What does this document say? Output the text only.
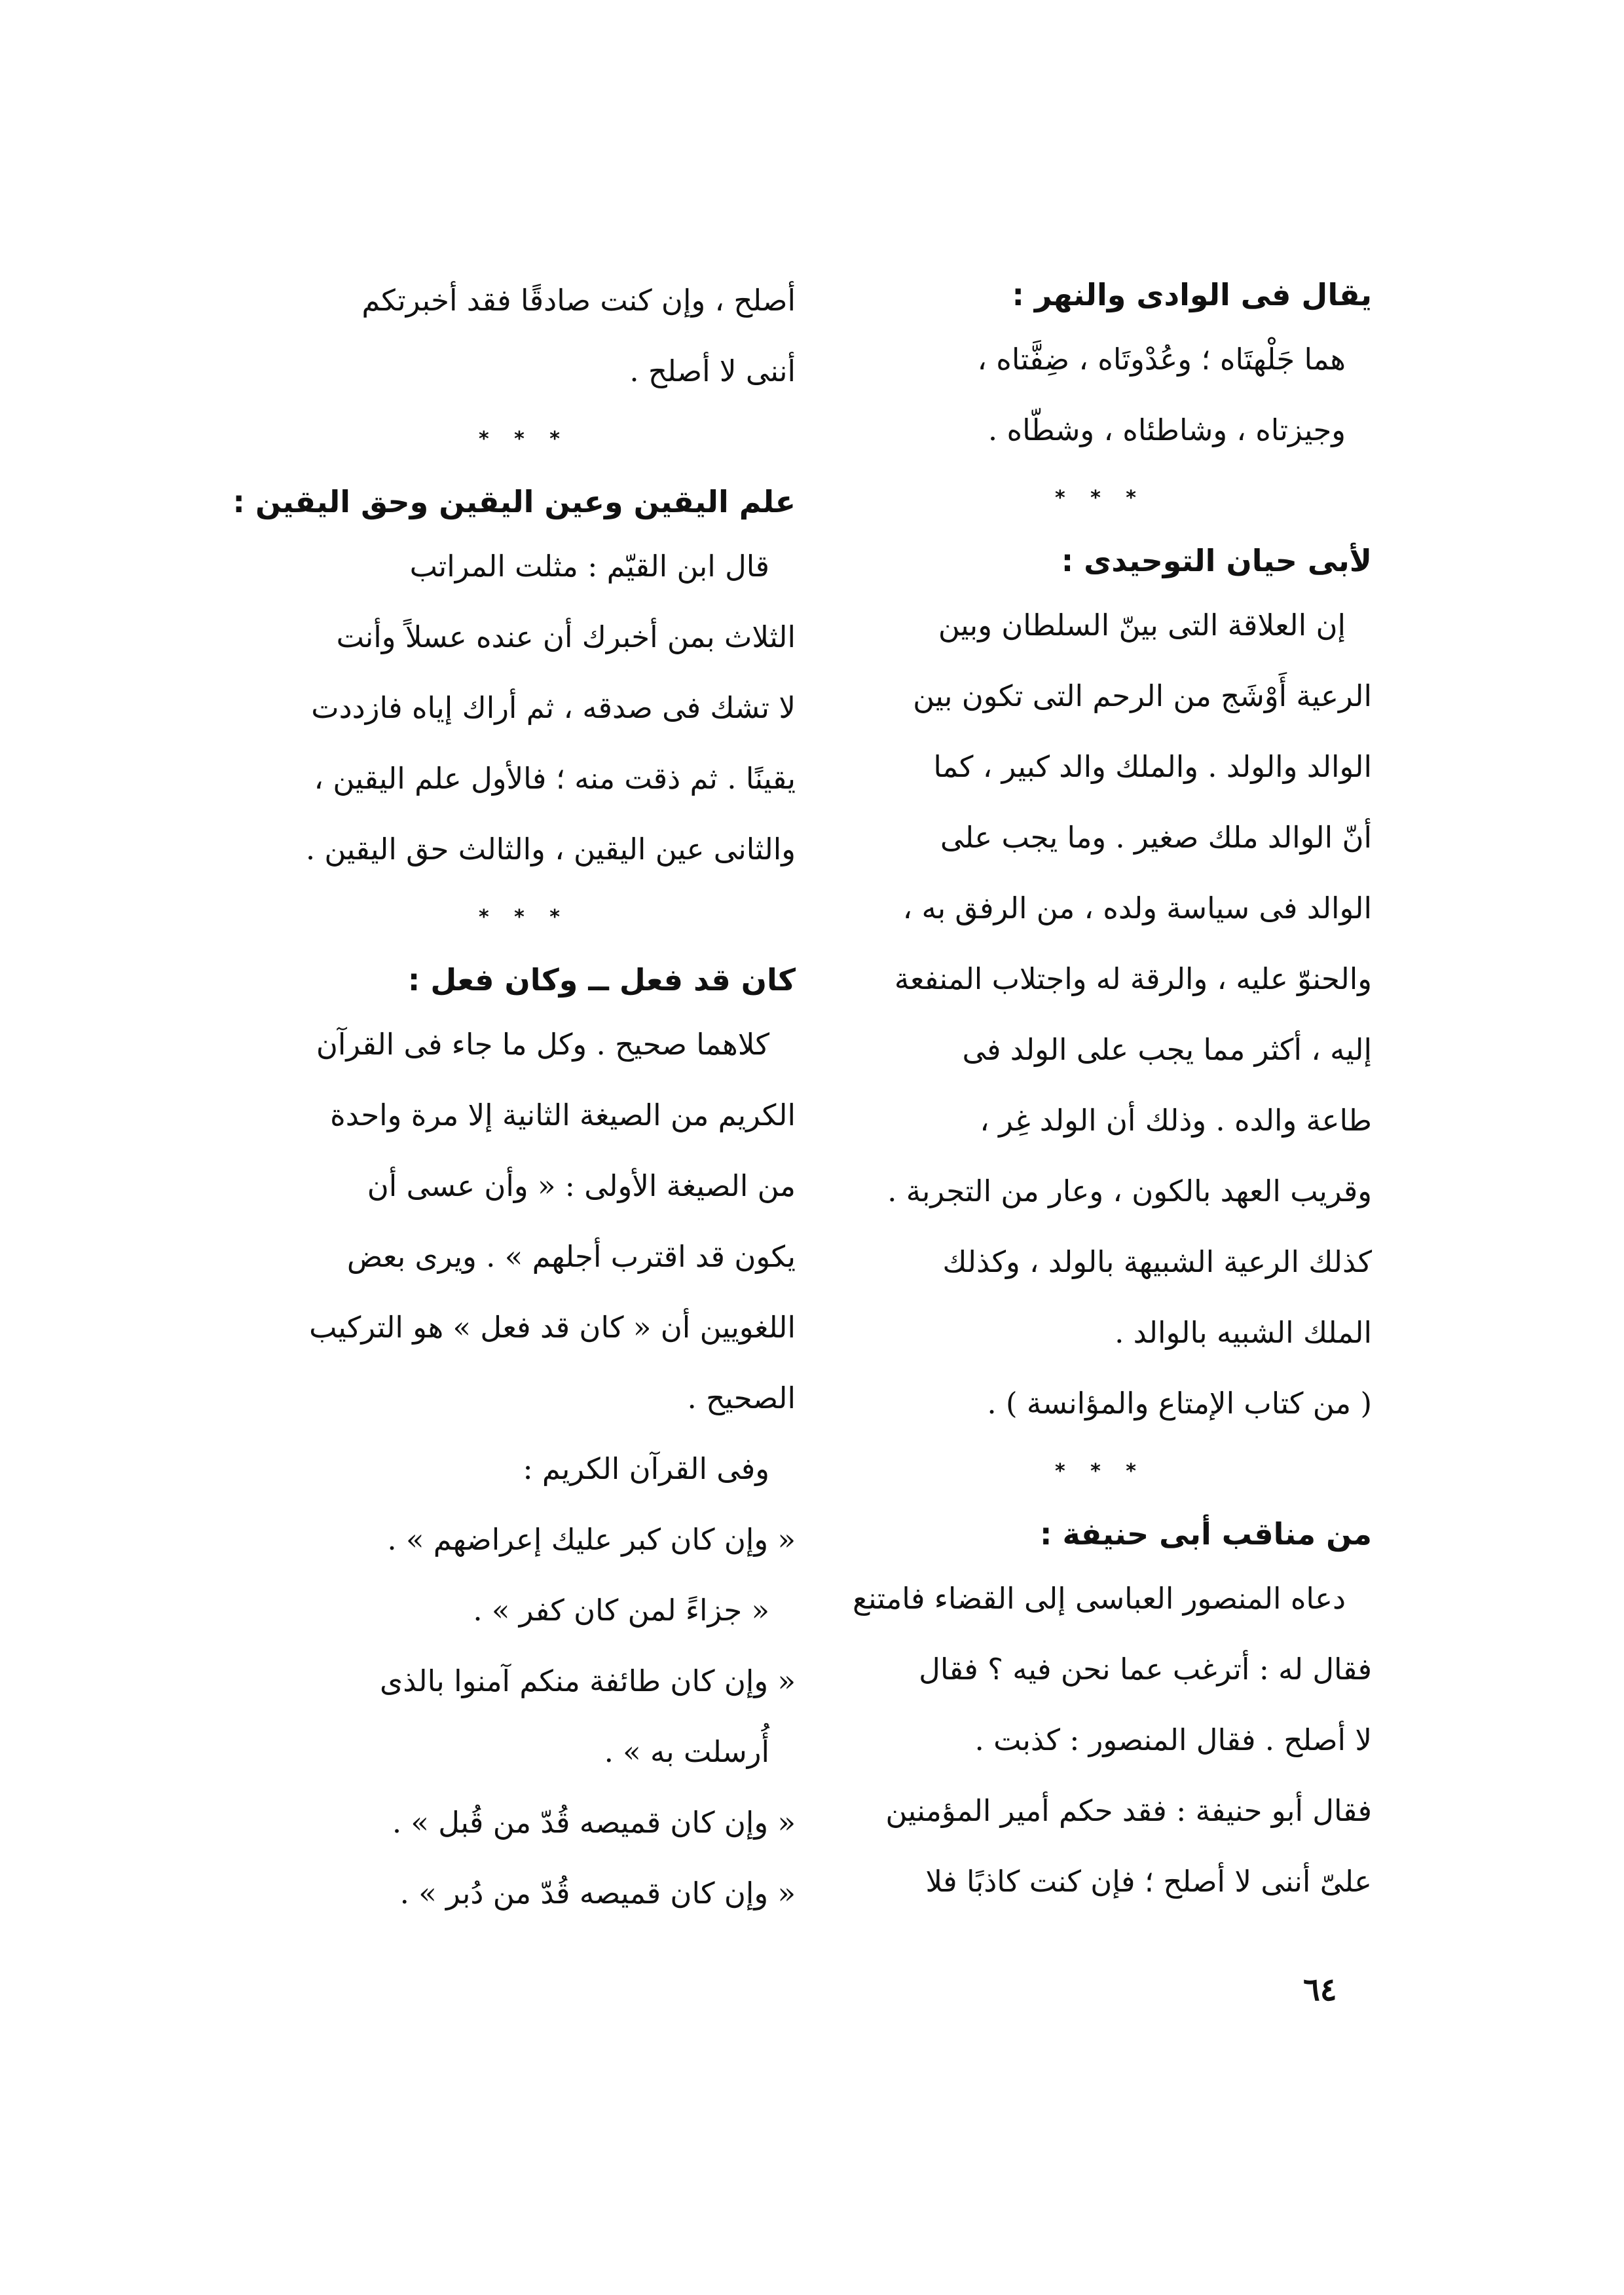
يقال فى الوادى والنهر :

هما جَلْهتَاه ؛ وعُدْوتَاه ، ضِفَّتاه ،

وجيزتاه ، وشاطئاه ، وشطّاه .

* * *

لأبى حيان التوحيدى :

إن العلاقة التى بينّ السلطان وبين

الرعية أَوْشَج من الرحم التى تكون بين

الوالد والولد . والملك والد كبير ، كما

أنّ الوالد ملك صغير . وما يجب على

الوالد فى سياسة ولده ، من الرفق به ،

والحنوّ عليه ، والرقة له واجتلاب المنفعة

إليه ، أكثر مما يجب على الولد فى

طاعة والده . وذلك أن الولد غِر ،

وقريب العهد بالكون ، وعار من التجربة .

كذلك الرعية الشبيهة بالولد ، وكذلك

الملك الشبيه بالوالد .

( من كتاب الإمتاع والمؤانسة ) .

* * *

من مناقب أبى حنيفة :

دعاه المنصور العباسى إلى القضاء فامتنع

فقال له : أترغب عما نحن فيه ؟ فقال

لا أصلح . فقال المنصور : كذبت .

فقال أبو حنيفة : فقد حكم أمير المؤمنين

علىّ أننى لا أصلح ؛ فإن كنت كاذبًا فلا

أصلح ، وإن كنت صادقًا فقد أخبرتكم

أننى لا أصلح .

* * *

علم اليقين وعين اليقين وحق اليقين :

قال ابن القيّم : مثلت المراتب

الثلاث بمن أخبرك أن عنده عسلاً وأنت

لا تشك فى صدقه ، ثم أراك إياه فازددت

يقينًا . ثم ذقت منه ؛ فالأول علم اليقين ،

والثانى عين اليقين ، والثالث حق اليقين .

* * *

كان قد فعل ــ وكان فعل :

كلاهما صحيح . وكل ما جاء فى القرآن

الكريم من الصيغة الثانية إلا مرة واحدة

من الصيغة الأولى : « وأن عسى أن

يكون قد اقترب أجلهم » . ويرى بعض

اللغويين أن « كان قد فعل » هو التركيب

الصحيح .

وفى القرآن الكريم :

« وإن كان كبر عليك إعراضهم » .

« جزاءً لمن كان كفر » .

« وإن كان طائفة منكم آمنوا بالذى

أُرسلت به » .

« وإن كان قميصه قُدّ من قُبل » .

« وإن كان قميصه قُدّ من دُبر » .

٦٤
